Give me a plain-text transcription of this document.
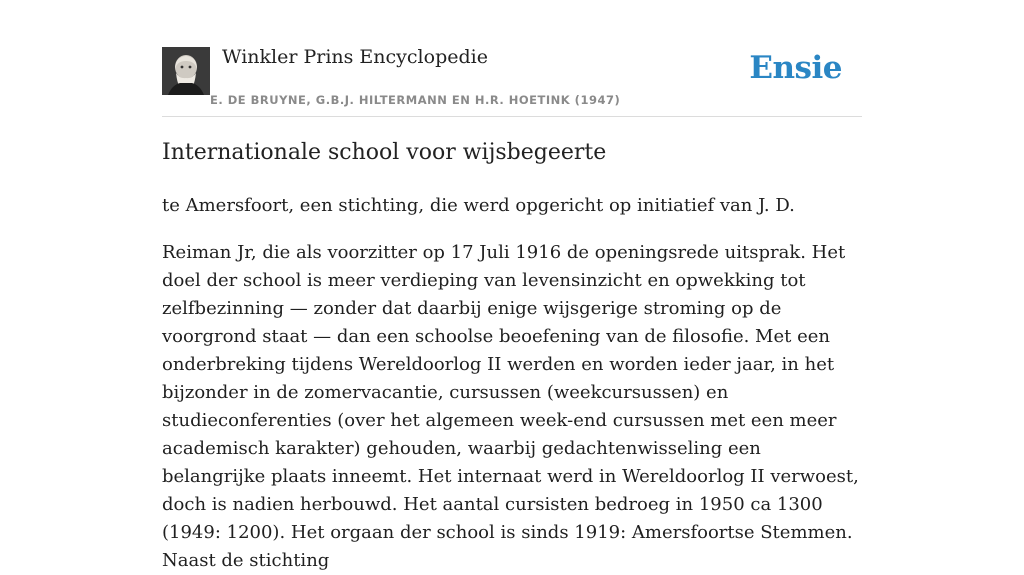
Winkler Prins Encyclopedie
E. DE BRUYNE, G.B.J. HILTERMANN EN H.R. HOETINK (1947)
Ensie
Internationale school voor wijsbegeerte

te Amersfoort, een stichting, die werd opgericht op initiatief van J. D.

Reiman Jr, die als voorzitter op 17 Juli 1916 de openingsrede uitsprak. Het doel der school is meer verdieping van levensinzicht en opwekking tot zelfbezinning — zonder dat daarbij enige wijsgerige stroming op de voorgrond staat — dan een schoolse beoefening van de filosofie. Met een onderbreking tijdens Wereldoorlog II werden en worden ieder jaar, in het bijzonder in de zomervacantie, cursussen (weekcursussen) en studieconferenties (over het algemeen week-end cursussen met een meer academisch karakter) gehouden, waarbij gedachtenwisseling een belangrijke plaats inneemt. Het internaat werd in Wereldoorlog II verwoest, doch is nadien herbouwd. Het aantal cursisten bedroeg in 1950 ca 1300 (1949: 1200). Het orgaan der school is sinds 1919: Amersfoortse Stemmen. Naast de stichting
